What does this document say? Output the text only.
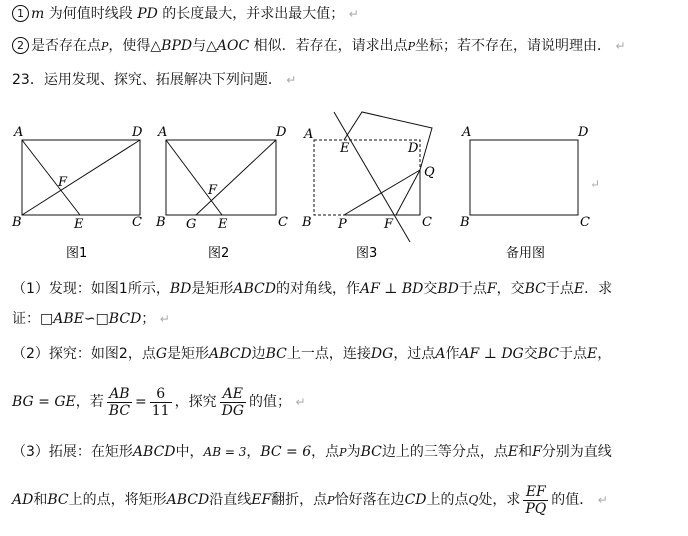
1 m 为何值时线段 PD 的长度最大，并求出最大值； ↵
2 是否存在点P，使得△BPD与△AOC 相似．若存在，请求出点P坐标；若不存在，请说明理由． ↵
23．运用发现、探究、拓展解决下列问题． ↵
A	D
B	C
E
F
图1
A	D
B	C
G E
F
图2
A
E	D
Q
B P	F C
图3
A	D
B	C
↵
备用图
（1）发现：如图1所示，BD是矩形ABCD的对角线，作AF ⊥ BD交BD于点F，交BC于点E．求
证：□ABE∽□BCD； ↵
（2）探究：如图2，点G是矩形ABCD边BC上一点，连接DG，过点A作AF ⊥ DG交BC于点E，
BG = GE，若 $\frac{AB}{BC} = \frac{6}{11}$ ，探究 $\frac{AE}{DG}$ 的值； ↵
（3）拓展：在矩形ABCD中，AB = 3，BC = 6，点P为BC边上的三等分点，点E和F分别为直线
AD和BC上的点，将矩形ABCD沿直线EF翻折，点P恰好落在边CD上的点Q处，求 $\frac{EF}{PQ}$ 的值． ↵
